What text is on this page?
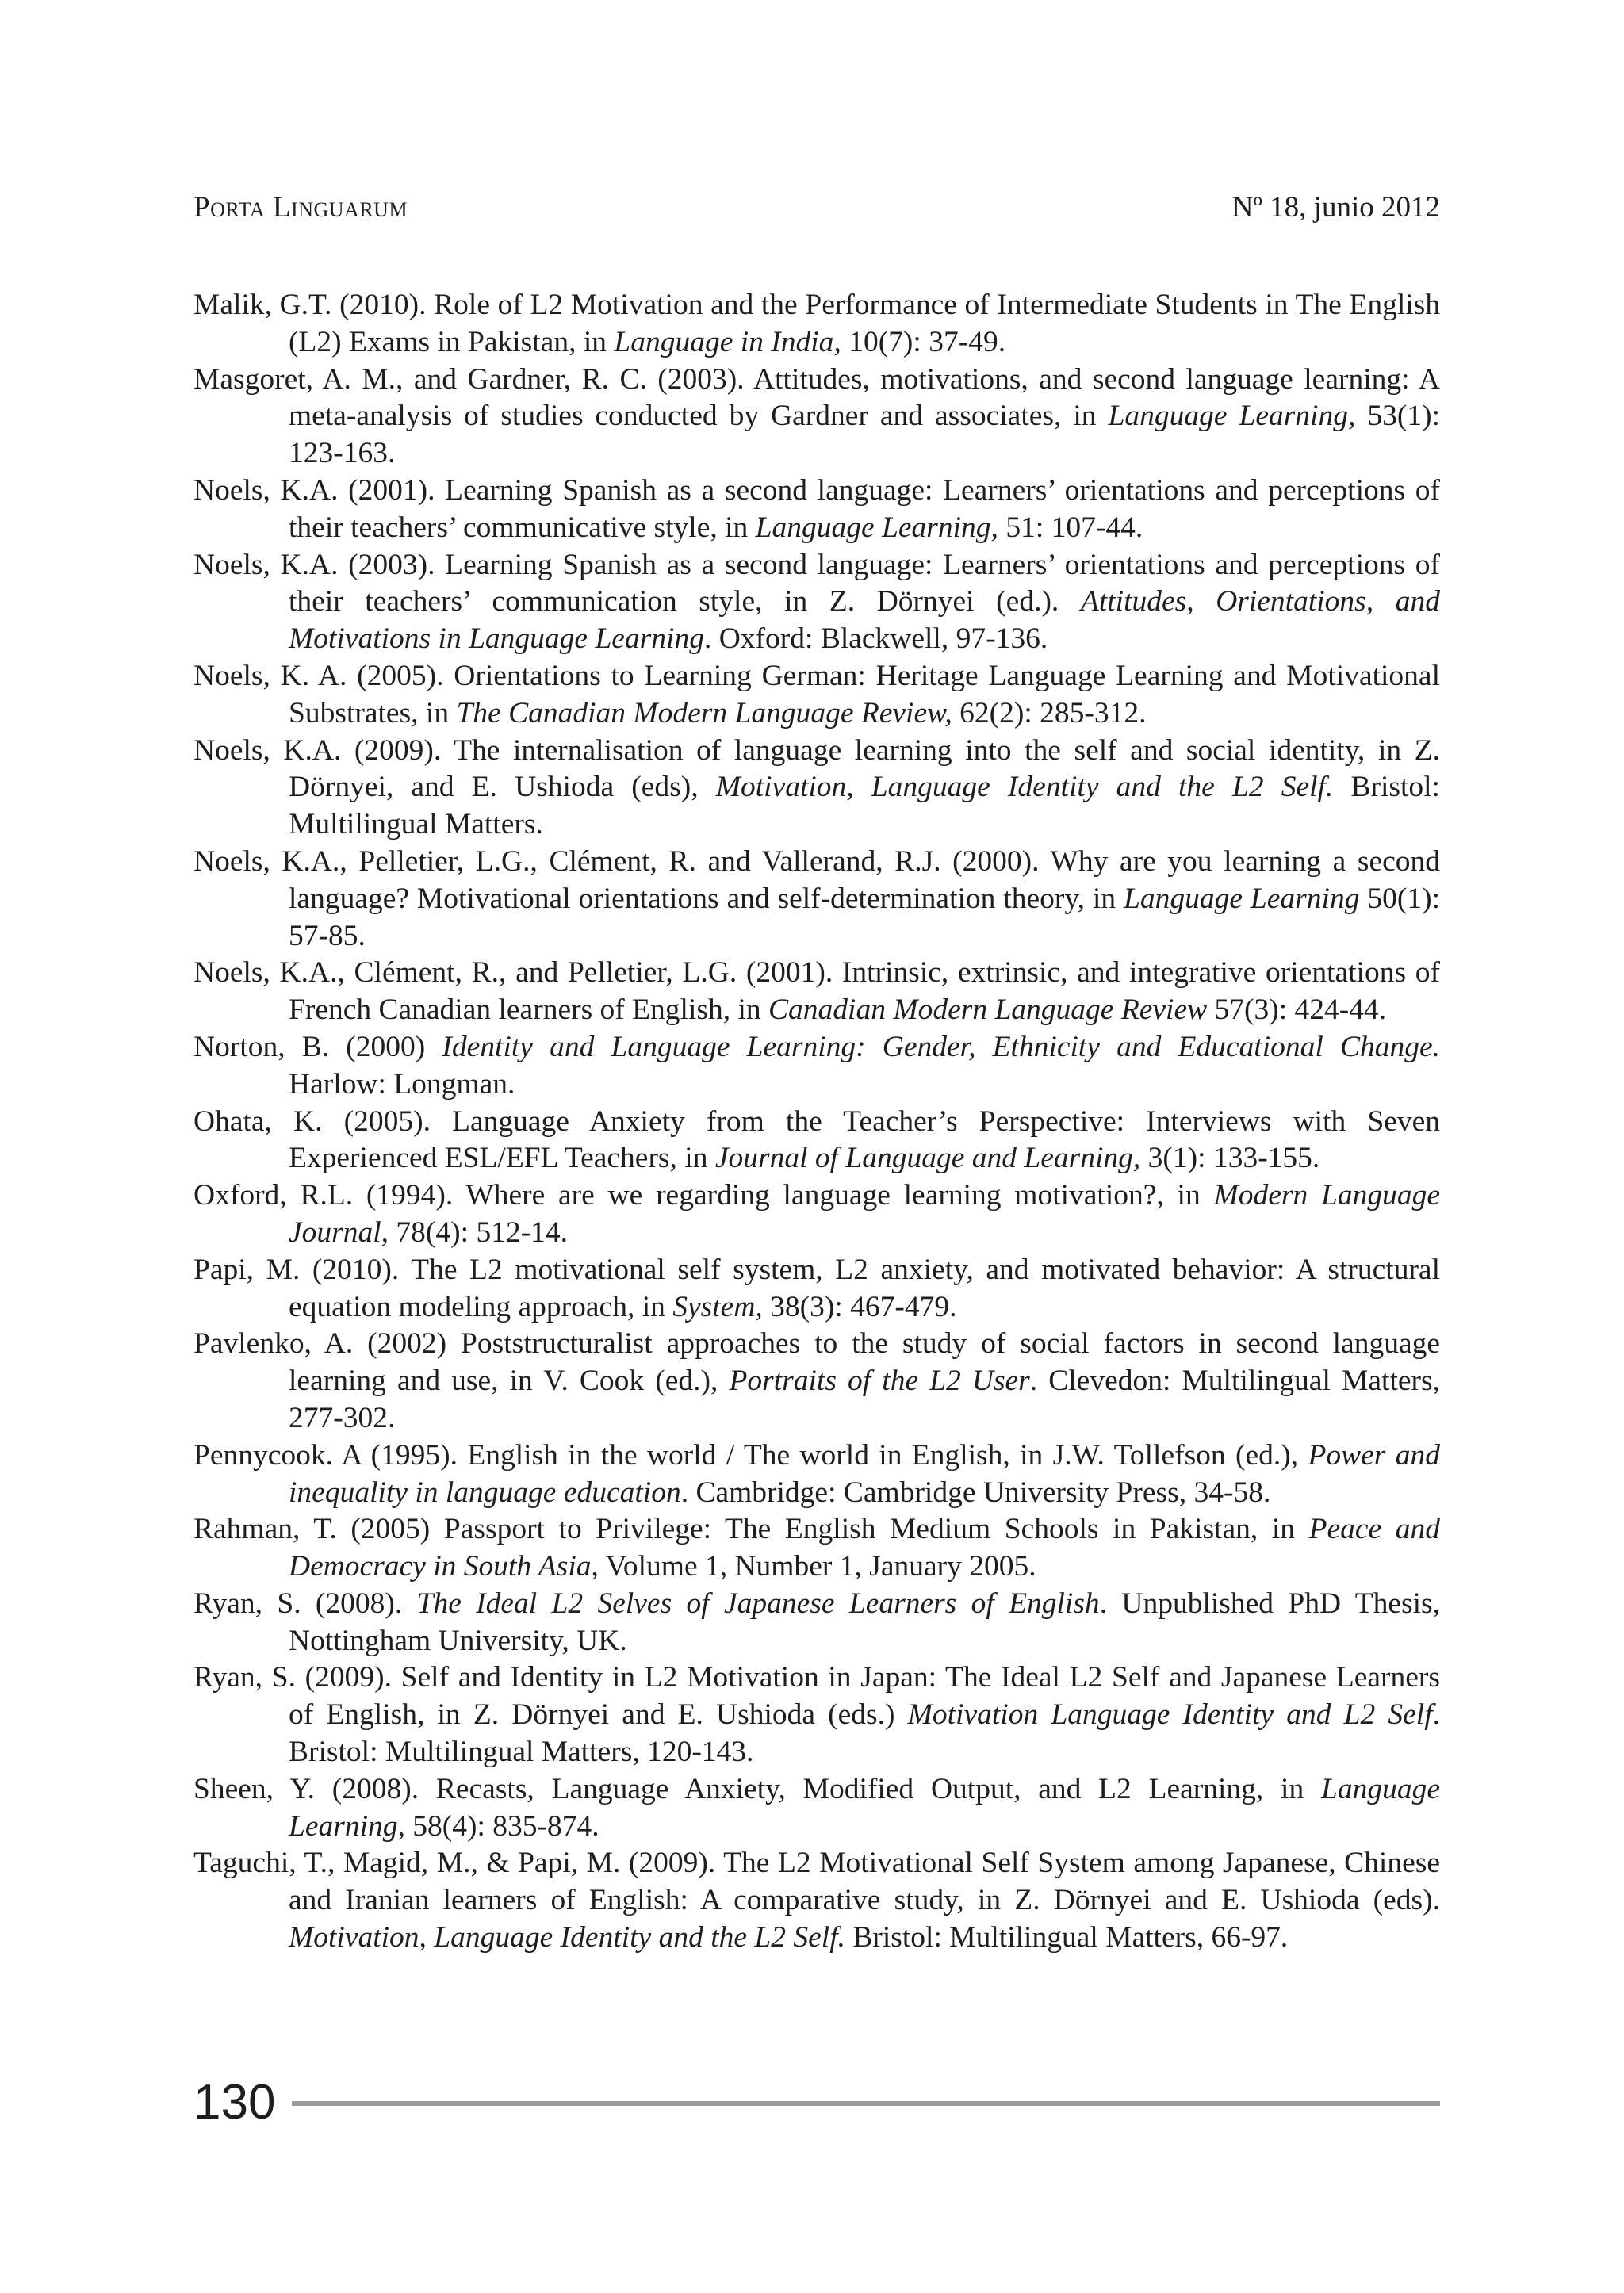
Porta Linguarum	Nº 18, junio 2012
Malik, G.T. (2010). Role of L2 Motivation and the Performance of Intermediate Students in The English (L2) Exams in Pakistan, in Language in India, 10(7): 37-49.
Masgoret, A. M., and Gardner, R. C. (2003). Attitudes, motivations, and second language learning: A meta-analysis of studies conducted by Gardner and associates, in Language Learning, 53(1): 123-163.
Noels, K.A. (2001). Learning Spanish as a second language: Learners’ orientations and perceptions of their teachers’ communicative style, in Language Learning, 51: 107-44.
Noels, K.A. (2003). Learning Spanish as a second language: Learners’ orientations and perceptions of their teachers’ communication style, in Z. Dörnyei (ed.). Attitudes, Orientations, and Motivations in Language Learning. Oxford: Blackwell, 97-136.
Noels, K. A. (2005). Orientations to Learning German: Heritage Language Learning and Motivational Substrates, in The Canadian Modern Language Review, 62(2): 285-312.
Noels, K.A. (2009). The internalisation of language learning into the self and social identity, in Z. Dörnyei, and E. Ushioda (eds), Motivation, Language Identity and the L2 Self. Bristol: Multilingual Matters.
Noels, K.A., Pelletier, L.G., Clément, R. and Vallerand, R.J. (2000). Why are you learning a second language? Motivational orientations and self-determination theory, in Language Learning 50(1): 57-85.
Noels, K.A., Clément, R., and Pelletier, L.G. (2001). Intrinsic, extrinsic, and integrative orientations of French Canadian learners of English, in Canadian Modern Language Review 57(3): 424-44.
Norton, B. (2000) Identity and Language Learning: Gender, Ethnicity and Educational Change. Harlow: Longman.
Ohata, K. (2005). Language Anxiety from the Teacher’s Perspective: Interviews with Seven Experienced ESL/EFL Teachers, in Journal of Language and Learning, 3(1): 133-155.
Oxford, R.L. (1994). Where are we regarding language learning motivation?, in Modern Language Journal, 78(4): 512-14.
Papi, M. (2010). The L2 motivational self system, L2 anxiety, and motivated behavior: A structural equation modeling approach, in System, 38(3): 467-479.
Pavlenko, A. (2002) Poststructuralist approaches to the study of social factors in second language learning and use, in V. Cook (ed.), Portraits of the L2 User. Clevedon: Multilingual Matters, 277-302.
Pennycook. A (1995). English in the world / The world in English, in J.W. Tollefson (ed.), Power and inequality in language education. Cambridge: Cambridge University Press, 34-58.
Rahman, T. (2005) Passport to Privilege: The English Medium Schools in Pakistan, in Peace and Democracy in South Asia, Volume 1, Number 1, January 2005.
Ryan, S. (2008). The Ideal L2 Selves of Japanese Learners of English. Unpublished PhD Thesis, Nottingham University, UK.
Ryan, S. (2009). Self and Identity in L2 Motivation in Japan: The Ideal L2 Self and Japanese Learners of English, in Z. Dörnyei and E. Ushioda (eds.) Motivation Language Identity and L2 Self. Bristol: Multilingual Matters, 120-143.
Sheen, Y. (2008). Recasts, Language Anxiety, Modified Output, and L2 Learning, in Language Learning, 58(4): 835-874.
Taguchi, T., Magid, M., & Papi, M. (2009). The L2 Motivational Self System among Japanese, Chinese and Iranian learners of English: A comparative study, in Z. Dörnyei and E. Ushioda (eds). Motivation, Language Identity and the L2 Self. Bristol: Multilingual Matters, 66-97.
130
